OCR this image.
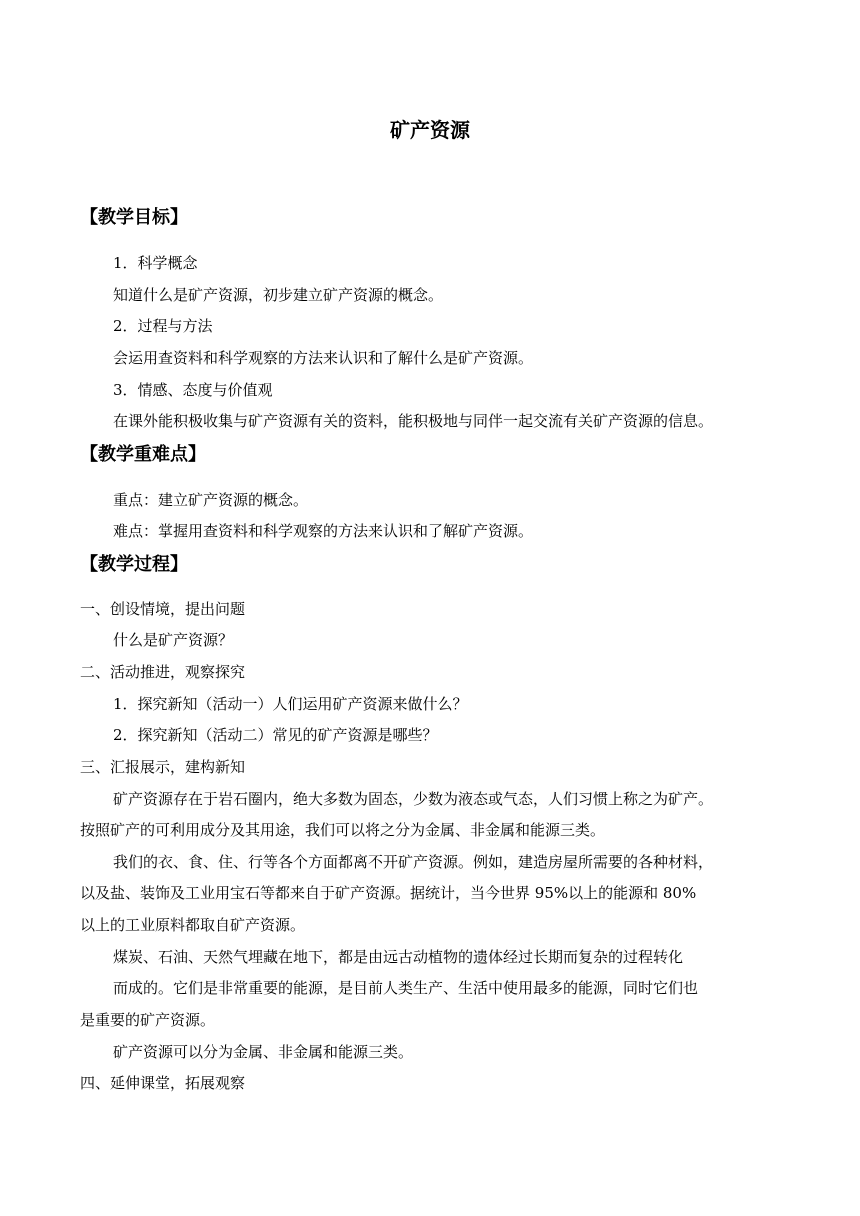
矿产资源
【教学目标】
1．科学概念
知道什么是矿产资源，初步建立矿产资源的概念。
2．过程与方法
会运用查资料和科学观察的方法来认识和了解什么是矿产资源。
3．情感、态度与价值观
在课外能积极收集与矿产资源有关的资料，能积极地与同伴一起交流有关矿产资源的信息。
【教学重难点】
重点：建立矿产资源的概念。
难点：掌握用查资料和科学观察的方法来认识和了解矿产资源。
【教学过程】
一、创设情境，提出问题
什么是矿产资源？
二、活动推进，观察探究
1．探究新知（活动一）人们运用矿产资源来做什么？
2．探究新知（活动二）常见的矿产资源是哪些？
三、汇报展示，建构新知
矿产资源存在于岩石圈内，绝大多数为固态，少数为液态或气态，人们习惯上称之为矿产。
按照矿产的可利用成分及其用途，我们可以将之分为金属、非金属和能源三类。
我们的衣、食、住、行等各个方面都离不开矿产资源。例如，建造房屋所需要的各种材料，
以及盐、装饰及工业用宝石等都来自于矿产资源。据统计，当今世界 95%以上的能源和 80%
以上的工业原料都取自矿产资源。
煤炭、石油、天然气埋藏在地下，都是由远古动植物的遗体经过长期而复杂的过程转化
而成的。它们是非常重要的能源，是目前人类生产、生活中使用最多的能源，同时它们也
是重要的矿产资源。
矿产资源可以分为金属、非金属和能源三类。
四、延伸课堂，拓展观察
